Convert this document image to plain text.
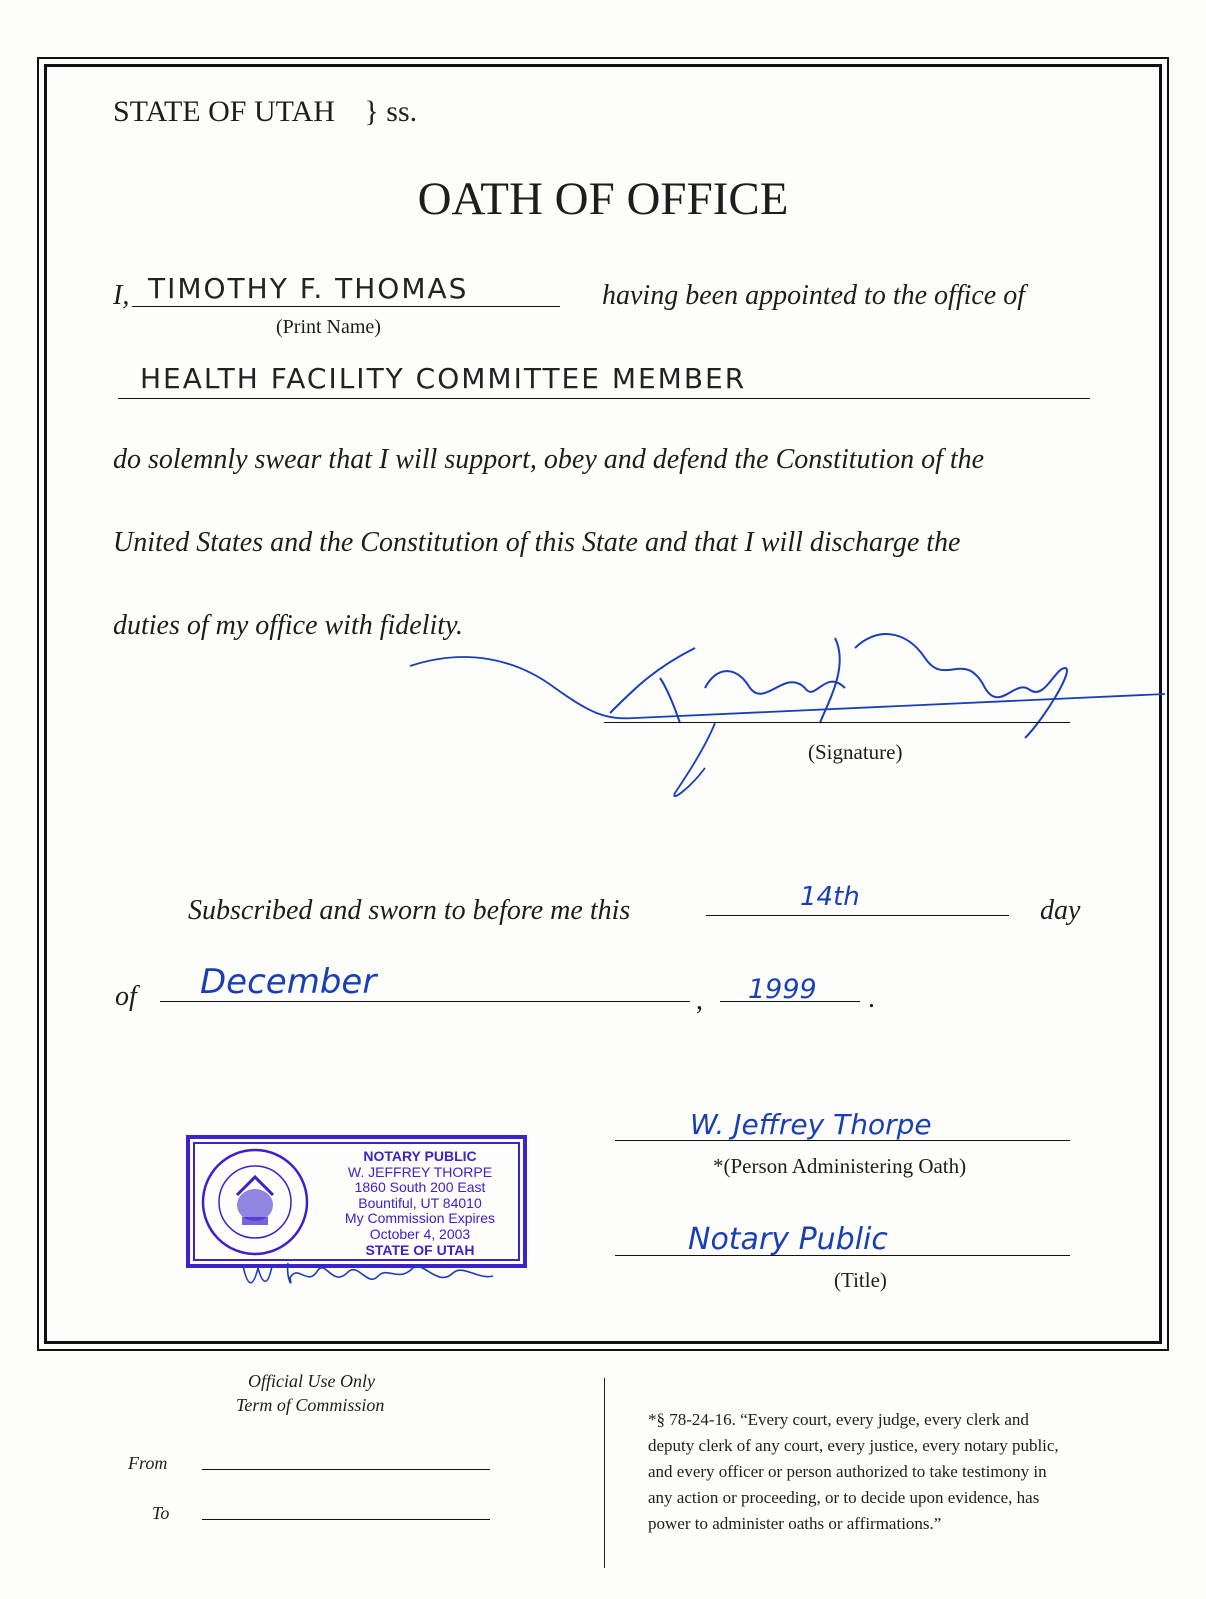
STATE OF UTAH } ss.
OATH OF OFFICE
I, TIMOTHY F. THOMAS
(Print Name)
having been appointed to the office of
HEALTH FACILITY COMMITTEE MEMBER
do solemnly swear that I will support, obey and defend the Constitution of the
United States and the Constitution of this State and that I will discharge the
duties of my office with fidelity.
(Signature)
Subscribed and sworn to before me this	14th	day
of December	, 1999 .
NOTARY PUBLIC
W. JEFFREY THORPE
1860 South 200 East
Bountiful, UT 84010
My Commission Expires
October 4, 2003
STATE OF UTAH
W. Jeffrey Thorpe
*(Person Administering Oath)
Notary Public
(Title)
Official Use Only
Term of Commission
From
To
*§ 78-24-16. “Every court, every judge, every clerk and
deputy clerk of any court, every justice, every notary public,
and every officer or person authorized to take testimony in
any action or proceeding, or to decide upon evidence, has
power to administer oaths or affirmations.”
